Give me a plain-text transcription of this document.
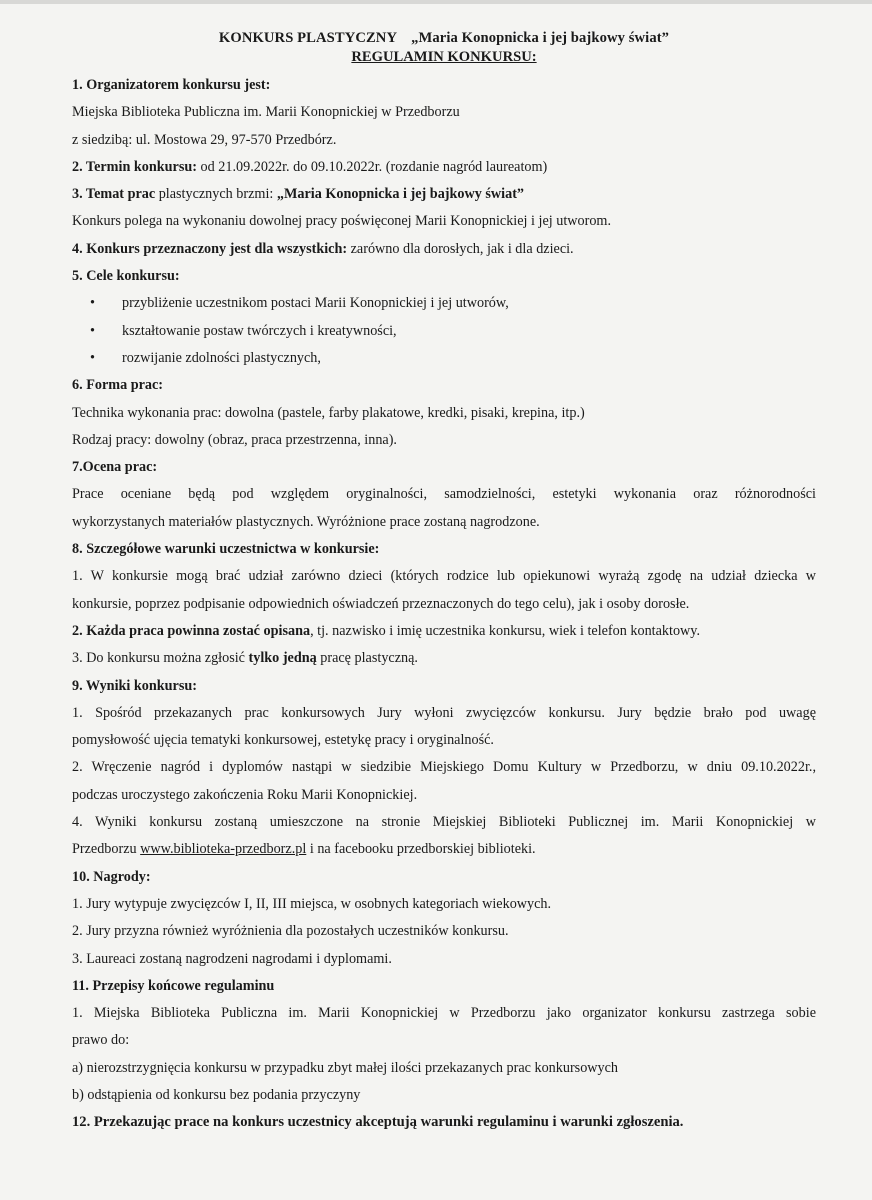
KONKURS PLASTYCZNY „Maria Konopnicka i jej bajkowy świat”
REGULAMIN KONKURSU:
1. Organizatorem konkursu jest:
Miejska Biblioteka Publiczna im. Marii Konopnickiej w Przedborzu
z siedzibą: ul. Mostowa 29, 97-570 Przedbórz.
2. Termin konkursu: od 21.09.2022r. do 09.10.2022r. (rozdanie nagród laureatom)
3. Temat prac plastycznych brzmi: „Maria Konopnicka i jej bajkowy świat”
Konkurs polega na wykonaniu dowolnej pracy poświęconej Marii Konopnickiej i jej utworom.
4. Konkurs przeznaczony jest dla wszystkich: zarówno dla dorosłych, jak i dla dzieci.
5. Cele konkursu:
• przybliżenie uczestnikom postaci Marii Konopnickiej i jej utworów,
• kształtowanie postaw twórczych i kreatywności,
• rozwijanie zdolności plastycznych,
6. Forma prac:
Technika wykonania prac: dowolna (pastele, farby plakatowe, kredki, pisaki, krepina, itp.)
Rodzaj pracy: dowolny (obraz, praca przestrzenna, inna).
7.Ocena prac:
Prace oceniane będą pod względem oryginalności, samodzielności, estetyki wykonania oraz różnorodności
wykorzystanych materiałów plastycznych. Wyróżnione prace zostaną nagrodzone.
8. Szczegółowe warunki uczestnictwa w konkursie:
1. W konkursie mogą brać udział zarówno dzieci (których rodzice lub opiekunowi wyrażą zgodę na udział dziecka w
konkursie, poprzez podpisanie odpowiednich oświadczeń przeznaczonych do tego celu), jak i osoby dorosłe.
2. Każda praca powinna zostać opisana, tj. nazwisko i imię uczestnika konkursu, wiek i telefon kontaktowy.
3. Do konkursu można zgłosić tylko jedną pracę plastyczną.
9. Wyniki konkursu:
1. Spośród przekazanych prac konkursowych Jury wyłoni zwycięzców konkursu. Jury będzie brało pod uwagę
pomysłowość ujęcia tematyki konkursowej, estetykę pracy i oryginalność.
2. Wręczenie nagród i dyplomów nastąpi w siedzibie Miejskiego Domu Kultury w Przedborzu, w dniu 09.10.2022r.,
podczas uroczystego zakończenia Roku Marii Konopnickiej.
4. Wyniki konkursu zostaną umieszczone na stronie Miejskiej Biblioteki Publicznej im. Marii Konopnickiej w
Przedborzu www.biblioteka-przedborz.pl i na facebooku przedborskiej biblioteki.
10. Nagrody:
1. Jury wytypuje zwycięzców I, II, III miejsca, w osobnych kategoriach wiekowych.
2. Jury przyzna również wyróżnienia dla pozostałych uczestników konkursu.
3. Laureaci zostaną nagrodzeni nagrodami i dyplomami.
11. Przepisy końcowe regulaminu
1. Miejska Biblioteka Publiczna im. Marii Konopnickiej w Przedborzu jako organizator konkursu zastrzega sobie
prawo do:
a) nierozstrzygnięcia konkursu w przypadku zbyt małej ilości przekazanych prac konkursowych
b) odstąpienia od konkursu bez podania przyczyny
12. Przekazując prace na konkurs uczestnicy akceptują warunki regulaminu i warunki zgłoszenia.
